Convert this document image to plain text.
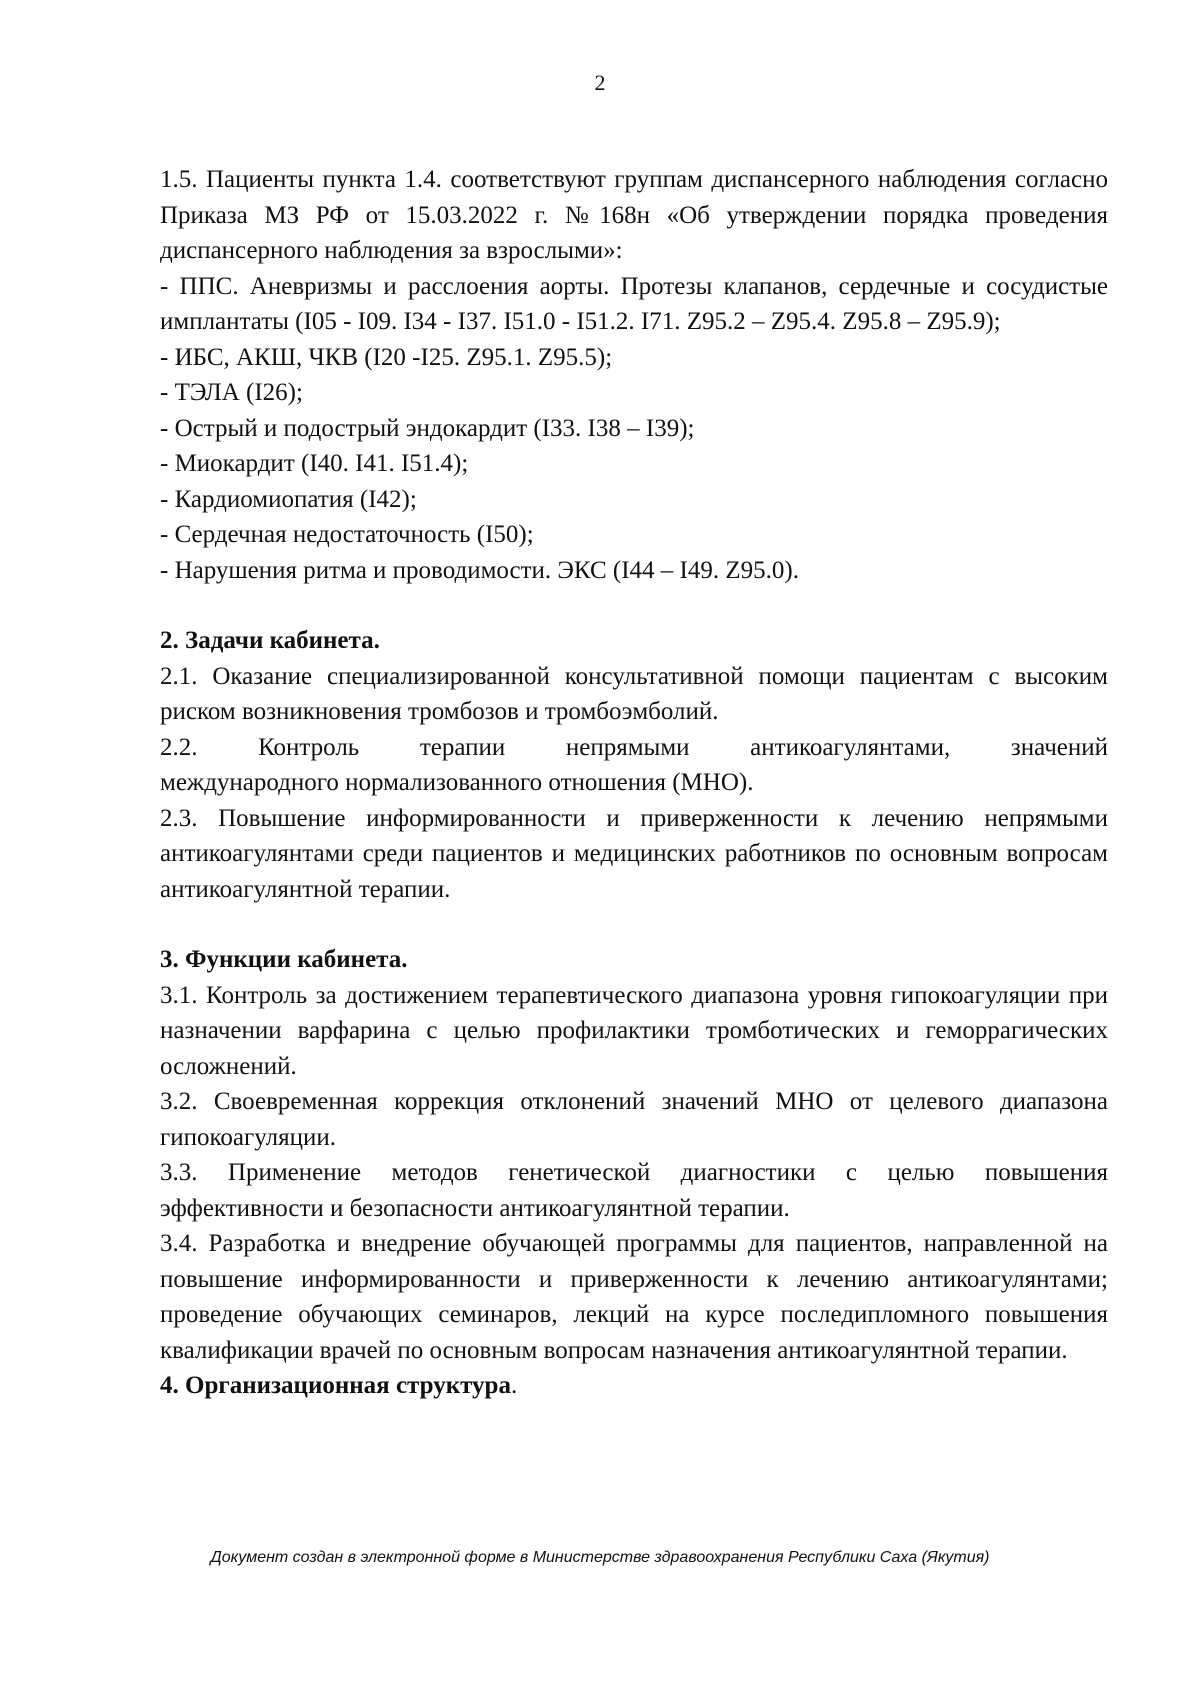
2

1.5. Пациенты пункта 1.4. соответствуют группам диспансерного наблюдения согласно Приказа МЗ РФ от 15.03.2022 г. №168н «Об утверждении порядка проведения диспансерного наблюдения за взрослыми»:

- ППС. Аневризмы и расслоения аорты. Протезы клапанов, сердечные и сосудистые имплантаты (I05 - I09. I34 - I37. I51.0 - I51.2. I71. Z95.2 – Z95.4. Z95.8 – Z95.9);

- ИБС, АКШ, ЧКВ (I20 -I25. Z95.1. Z95.5);

- ТЭЛА (I26);

- Острый и подострый эндокардит (I33. I38 – I39);

- Миокардит (I40. I41. I51.4);

- Кардиомиопатия (I42);

- Сердечная недостаточность (I50);

- Нарушения ритма и проводимости. ЭКС (I44 – I49. Z95.0).

2. Задачи кабинета.

2.1. Оказание специализированной консультативной помощи пациентам с высоким риском возникновения тромбозов и тромбоэмболий.

2.2. Контроль терапии непрямыми антикоагулянтами, значений

международного нормализованного отношения (МНО).

2.3. Повышение информированности и приверженности к лечению непрямыми антикоагулянтами среди пациентов и медицинских работников по основным вопросам антикоагулянтной терапии.

3. Функции кабинета.

3.1. Контроль за достижением терапевтического диапазона уровня гипокоагуляции при назначении варфарина с целью профилактики тромботических и геморрагических осложнений.

3.2. Своевременная коррекция отклонений значений МНО от целевого диапазона гипокоагуляции.

3.3. Применение методов генетической диагностики с целью повышения эффективности и безопасности антикоагулянтной терапии.

3.4. Разработка и внедрение обучающей программы для пациентов, направленной на повышение информированности и приверженности к лечению антикоагулянтами; проведение обучающих семинаров, лекций на курсе последипломного повышения квалификации врачей по основным вопросам назначения антикоагулянтной терапии.

4. Организационная структура.

Документ создан в электронной форме в Министерстве здравоохранения Республики Саха (Якутия)
